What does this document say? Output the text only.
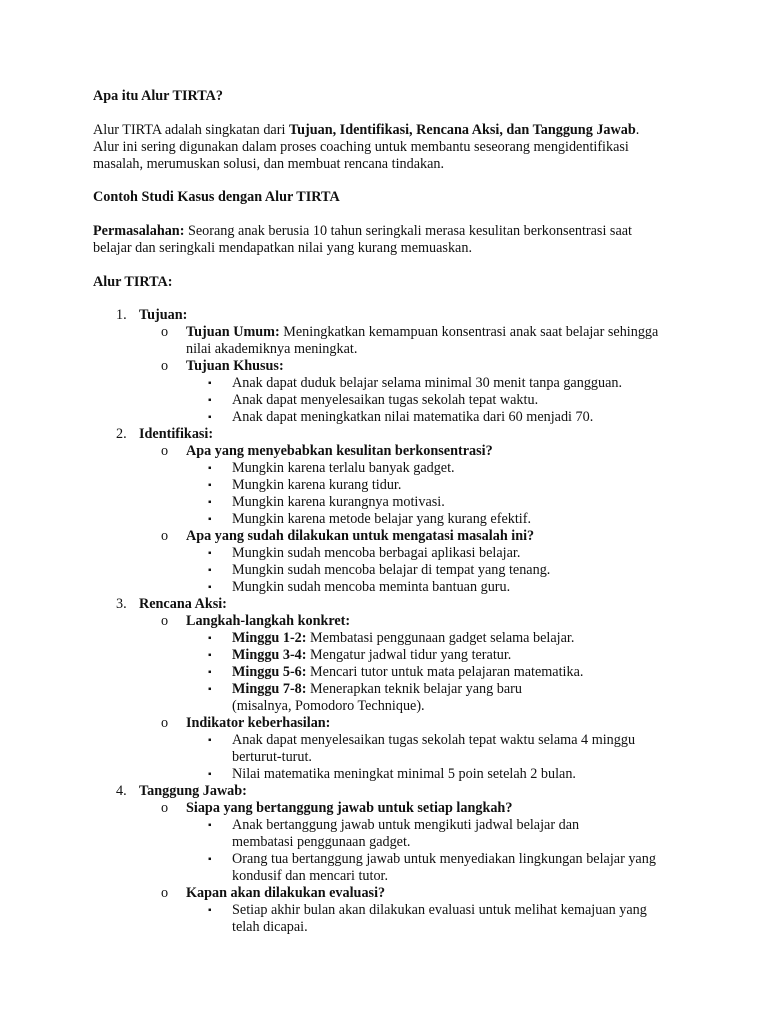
Apa itu Alur TIRTA?

Alur TIRTA adalah singkatan dari Tujuan, Identifikasi, Rencana Aksi, dan Tanggung Jawab. Alur ini sering digunakan dalam proses coaching untuk membantu seseorang mengidentifikasi masalah, merumuskan solusi, dan membuat rencana tindakan.

Contoh Studi Kasus dengan Alur TIRTA

Permasalahan: Seorang anak berusia 10 tahun seringkali merasa kesulitan berkonsentrasi saat belajar dan seringkali mendapatkan nilai yang kurang memuaskan.

Alur TIRTA:

1. Tujuan:
o Tujuan Umum: Meningkatkan kemampuan konsentrasi anak saat belajar sehingga nilai akademiknya meningkat.
o Tujuan Khusus:
▪ Anak dapat duduk belajar selama minimal 30 menit tanpa gangguan.
▪ Anak dapat menyelesaikan tugas sekolah tepat waktu.
▪ Anak dapat meningkatkan nilai matematika dari 60 menjadi 70.
2. Identifikasi:
o Apa yang menyebabkan kesulitan berkonsentrasi?
▪ Mungkin karena terlalu banyak gadget.
▪ Mungkin karena kurang tidur.
▪ Mungkin karena kurangnya motivasi.
▪ Mungkin karena metode belajar yang kurang efektif.
o Apa yang sudah dilakukan untuk mengatasi masalah ini?
▪ Mungkin sudah mencoba berbagai aplikasi belajar.
▪ Mungkin sudah mencoba belajar di tempat yang tenang.
▪ Mungkin sudah mencoba meminta bantuan guru.
3. Rencana Aksi:
o Langkah-langkah konkret:
▪ Minggu 1-2: Membatasi penggunaan gadget selama belajar.
▪ Minggu 3-4: Mengatur jadwal tidur yang teratur.
▪ Minggu 5-6: Mencari tutor untuk mata pelajaran matematika.
▪ Minggu 7-8: Menerapkan teknik belajar yang baru (misalnya, Pomodoro Technique).
o Indikator keberhasilan:
▪ Anak dapat menyelesaikan tugas sekolah tepat waktu selama 4 minggu berturut-turut.
▪ Nilai matematika meningkat minimal 5 poin setelah 2 bulan.
4. Tanggung Jawab:
o Siapa yang bertanggung jawab untuk setiap langkah?
▪ Anak bertanggung jawab untuk mengikuti jadwal belajar dan membatasi penggunaan gadget.
▪ Orang tua bertanggung jawab untuk menyediakan lingkungan belajar yang kondusif dan mencari tutor.
o Kapan akan dilakukan evaluasi?
▪ Setiap akhir bulan akan dilakukan evaluasi untuk melihat kemajuan yang telah dicapai.
